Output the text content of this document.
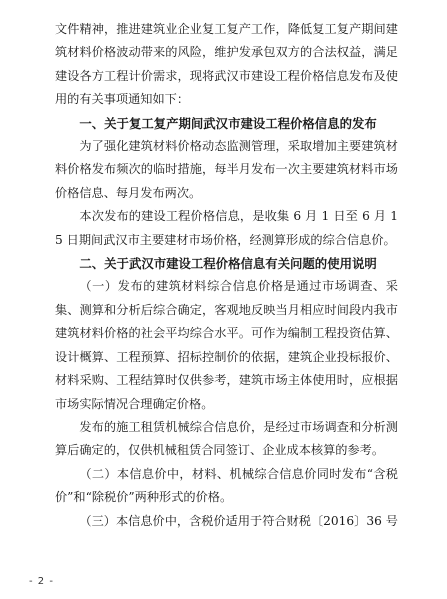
文件精神，推进建筑业企业复工复产工作，降低复工复产期间建筑材料价格波动带来的风险，维护发承包双方的合法权益，满足建设各方工程计价需求，现将武汉市建设工程价格信息发布及使用的有关事项通知如下：

一、关于复工复产期间武汉市建设工程价格信息的发布

为了强化建筑材料价格动态监测管理，采取增加主要建筑材料价格发布频次的临时措施，每半月发布一次主要建筑材料市场价格信息、每月发布两次。

本次发布的建设工程价格信息，是收集 6 月 1 日至 6 月 15 日期间武汉市主要建材市场价格，经测算形成的综合信息价。

二、关于武汉市建设工程价格信息有关问题的使用说明

（一）发布的建筑材料综合信息价格是通过市场调查、采集、测算和分析后综合确定，客观地反映当月相应时间段内我市建筑材料价格的社会平均综合水平。可作为编制工程投资估算、设计概算、工程预算、招标控制价的依据，建筑企业投标报价、材料采购、工程结算时仅供参考，建筑市场主体使用时，应根据市场实际情况合理确定价格。

发布的施工租赁机械综合信息价，是经过市场调查和分析测算后确定的，仅供机械租赁合同签订、企业成本核算的参考。

（二）本信息价中，材料、机械综合信息价同时发布“含税价”和“除税价”两种形式的价格。

（三）本信息价中，含税价适用于符合财税〔2016〕36 号

- 2 -
